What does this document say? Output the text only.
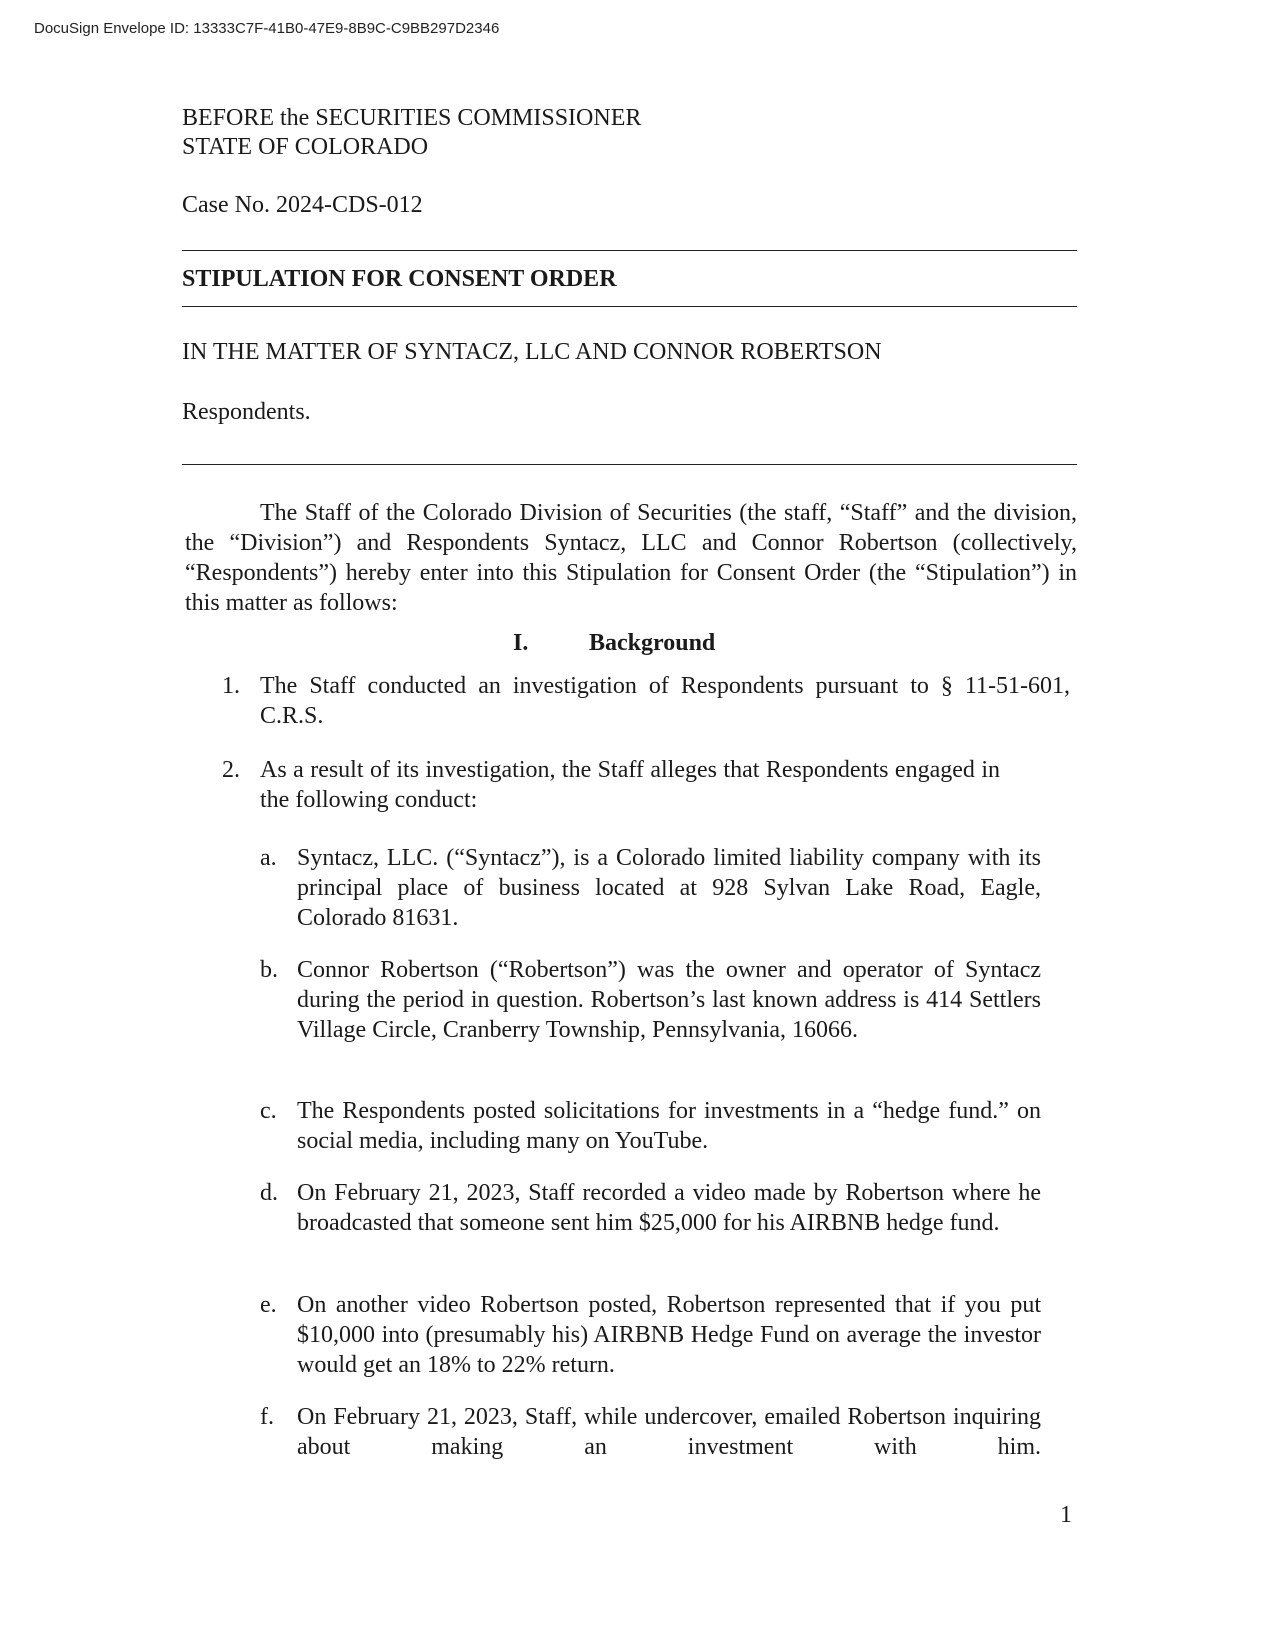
DocuSign Envelope ID: 13333C7F-41B0-47E9-8B9C-C9BB297D2346
BEFORE the SECURITIES COMMISSIONER
STATE OF COLORADO
Case No. 2024-CDS-012
STIPULATION FOR CONSENT ORDER
IN THE MATTER OF SYNTACZ, LLC AND CONNOR ROBERTSON
Respondents.
The Staff of the Colorado Division of Securities (the staff, “Staff” and the division, the “Division”) and Respondents Syntacz, LLC and Connor Robertson (collectively, “Respondents”) hereby enter into this Stipulation for Consent Order (the “Stipulation”) in this matter as follows:
I.	Background
1. The Staff conducted an investigation of Respondents pursuant to § 11-51-601, C.R.S.
2. As a result of its investigation, the Staff alleges that Respondents engaged in the following conduct:
a. Syntacz, LLC. (“Syntacz”), is a Colorado limited liability company with its principal place of business located at 928 Sylvan Lake Road, Eagle, Colorado 81631.
b. Connor Robertson (“Robertson”) was the owner and operator of Syntacz during the period in question. Robertson’s last known address is 414 Settlers Village Circle, Cranberry Township, Pennsylvania, 16066.
c. The Respondents posted solicitations for investments in a “hedge fund.” on social media, including many on YouTube.
d. On February 21, 2023, Staff recorded a video made by Robertson where he broadcasted that someone sent him $25,000 for his AIRBNB hedge fund.
e. On another video Robertson posted, Robertson represented that if you put $10,000 into (presumably his) AIRBNB Hedge Fund on average the investor would get an 18% to 22% return.
f. On February 21, 2023, Staff, while undercover, emailed Robertson inquiring about making an investment with him.
1
